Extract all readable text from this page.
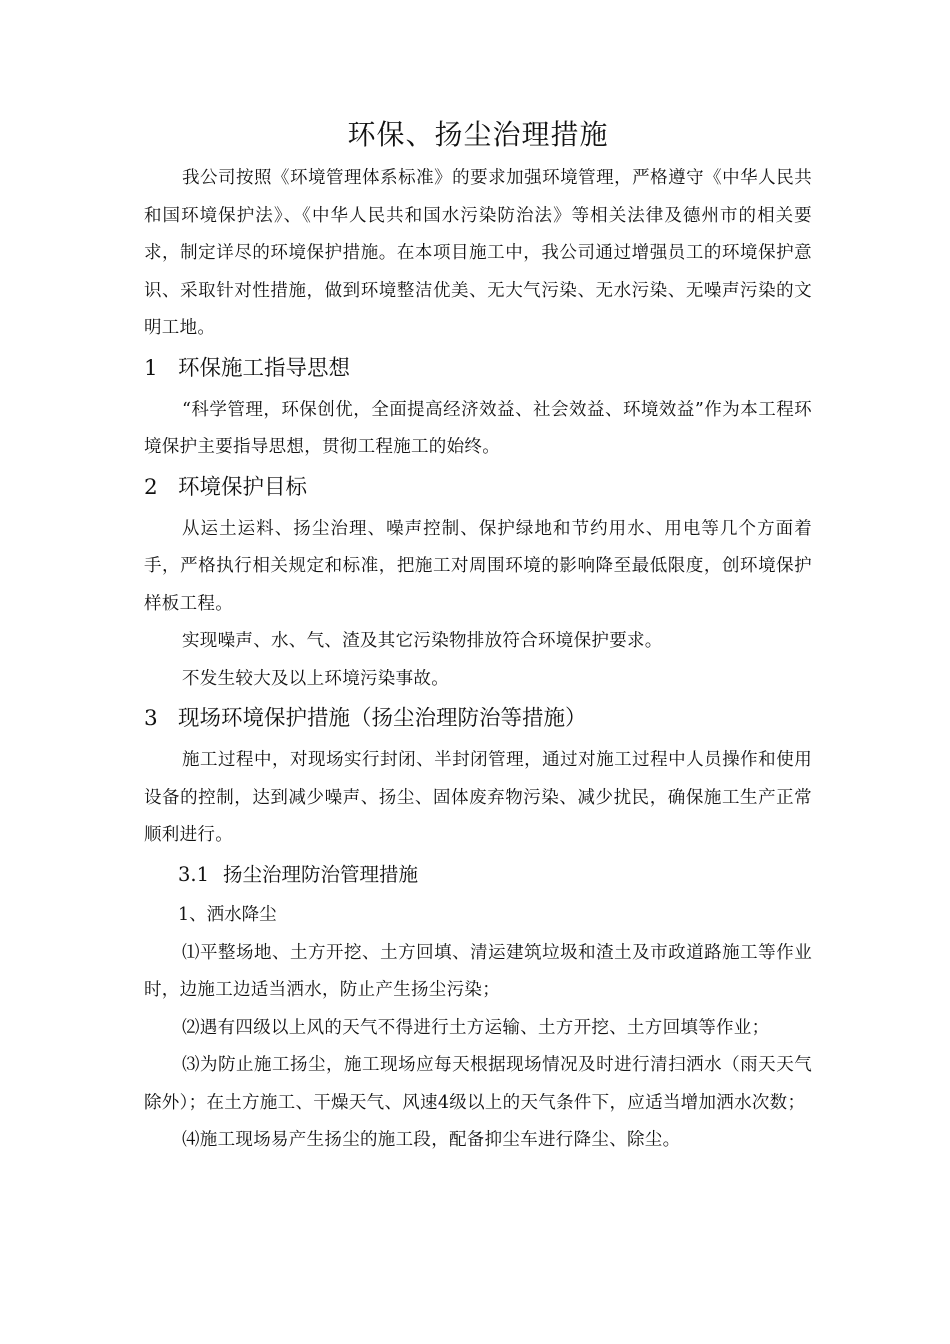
环保、扬尘治理措施

我公司按照《环境管理体系标准》的要求加强环境管理，严格遵守《中华人民共和国环境保护法》、《中华人民共和国水污染防治法》等相关法律及德州市的相关要求，制定详尽的环境保护措施。在本项目施工中，我公司通过增强员工的环境保护意识、采取针对性措施，做到环境整洁优美、无大气污染、无水污染、无噪声污染的文明工地。

1 环保施工指导思想

“科学管理，环保创优，全面提高经济效益、社会效益、环境效益”作为本工程环境保护主要指导思想，贯彻工程施工的始终。

2 环境保护目标

从运土运料、扬尘治理、噪声控制、保护绿地和节约用水、用电等几个方面着手，严格执行相关规定和标准，把施工对周围环境的影响降至最低限度，创环境保护样板工程。

实现噪声、水、气、渣及其它污染物排放符合环境保护要求。

不发生较大及以上环境污染事故。

3 现场环境保护措施（扬尘治理防治等措施）

施工过程中，对现场实行封闭、半封闭管理，通过对施工过程中人员操作和使用设备的控制，达到减少噪声、扬尘、固体废弃物污染、减少扰民，确保施工生产正常顺利进行。

3.1 扬尘治理防治管理措施
1、洒水降尘

⑴平整场地、土方开挖、土方回填、清运建筑垃圾和渣土及市政道路施工等作业时，边施工边适当洒水，防止产生扬尘污染；

⑵遇有四级以上风的天气不得进行土方运输、土方开挖、土方回填等作业；

⑶为防止施工扬尘，施工现场应每天根据现场情况及时进行清扫洒水（雨天天气除外）；在土方施工、干燥天气、风速4级以上的天气条件下，应适当增加洒水次数；

⑷施工现场易产生扬尘的施工段，配备抑尘车进行降尘、除尘。
